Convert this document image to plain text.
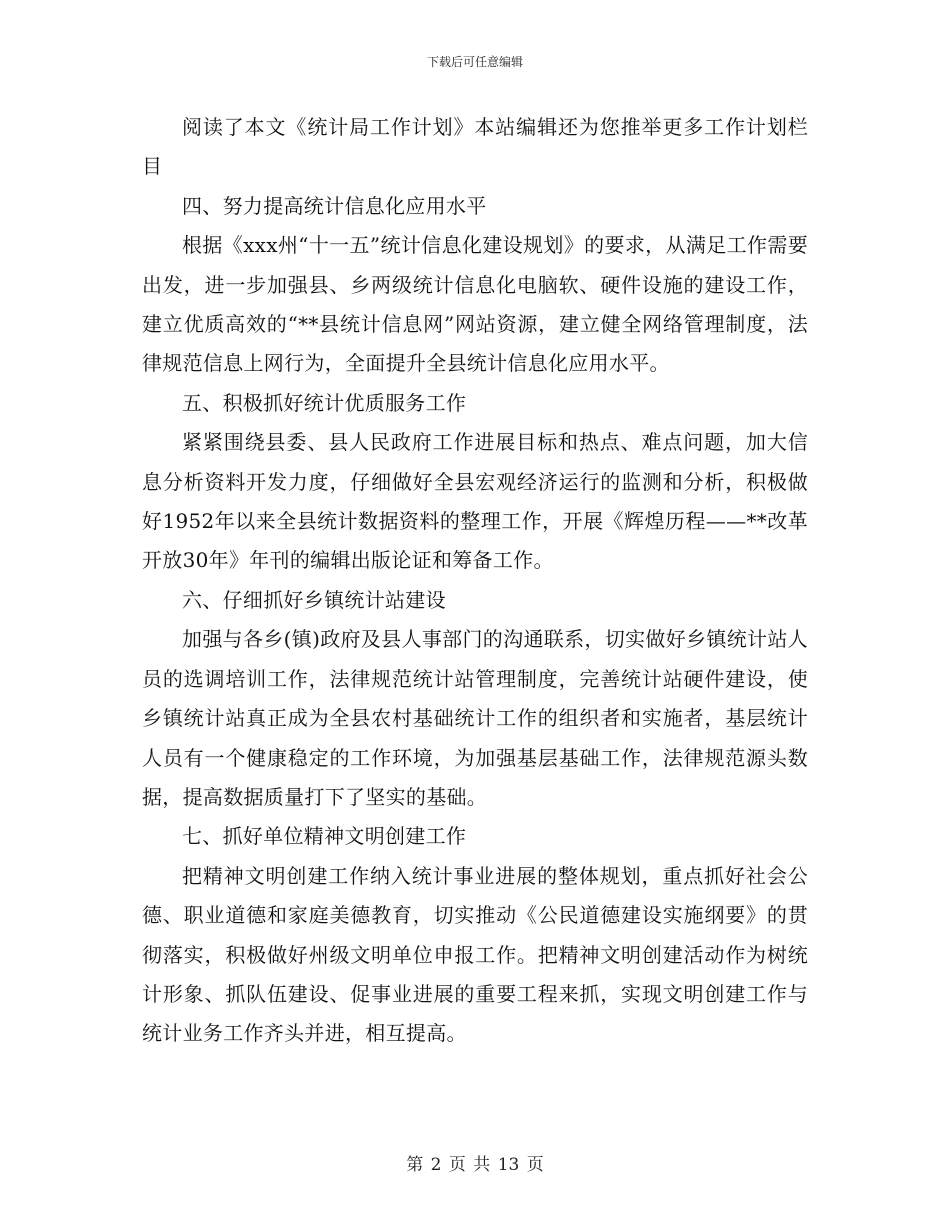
下载后可任意编辑

阅读了本文《统计局工作计划》本站编辑还为您推举更多工作计划栏目

四、努力提高统计信息化应用水平

根据《xxx州“十一五”统计信息化建设规划》的要求，从满足工作需要出发，进一步加强县、乡两级统计信息化电脑软、硬件设施的建设工作，建立优质高效的“**县统计信息网”网站资源，建立健全网络管理制度，法律规范信息上网行为，全面提升全县统计信息化应用水平。

五、积极抓好统计优质服务工作

紧紧围绕县委、县人民政府工作进展目标和热点、难点问题，加大信息分析资料开发力度，仔细做好全县宏观经济运行的监测和分析，积极做好1952年以来全县统计数据资料的整理工作，开展《辉煌历程——**改革开放30年》年刊的编辑出版论证和筹备工作。

六、仔细抓好乡镇统计站建设

加强与各乡(镇)政府及县人事部门的沟通联系，切实做好乡镇统计站人员的选调培训工作，法律规范统计站管理制度，完善统计站硬件建设，使乡镇统计站真正成为全县农村基础统计工作的组织者和实施者，基层统计人员有一个健康稳定的工作环境，为加强基层基础工作，法律规范源头数据，提高数据质量打下了坚实的基础。

七、抓好单位精神文明创建工作

把精神文明创建工作纳入统计事业进展的整体规划，重点抓好社会公德、职业道德和家庭美德教育，切实推动《公民道德建设实施纲要》的贯彻落实，积极做好州级文明单位申报工作。把精神文明创建活动作为树统计形象、抓队伍建设、促事业进展的重要工程来抓，实现文明创建工作与统计业务工作齐头并进，相互提高。

第 2 页 共 13 页
